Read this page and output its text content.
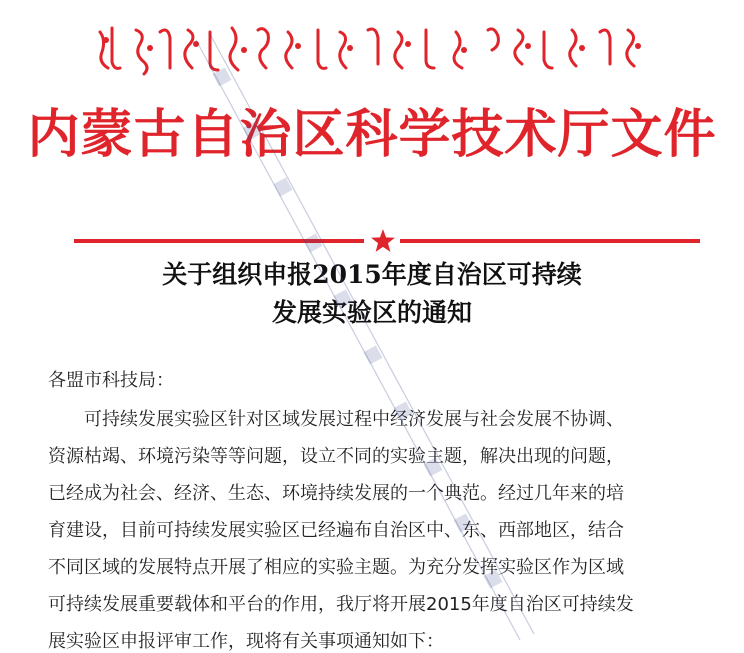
内蒙古自治区科学技术厅文件
关于组织申报2015年度自治区可持续
发展实验区的通知
各盟市科技局：
可持续发展实验区针对区域发展过程中经济发展与社会发展不协调、
资源枯竭、环境污染等等问题，设立不同的实验主题，解决出现的问题，
已经成为社会、经济、生态、环境持续发展的一个典范。经过几年来的培
育建设，目前可持续发展实验区已经遍布自治区中、东、西部地区，结合
不同区域的发展特点开展了相应的实验主题。为充分发挥实验区作为区域
可持续发展重要载体和平台的作用，我厅将开展2015年度自治区可持续发
展实验区申报评审工作，现将有关事项通知如下：
